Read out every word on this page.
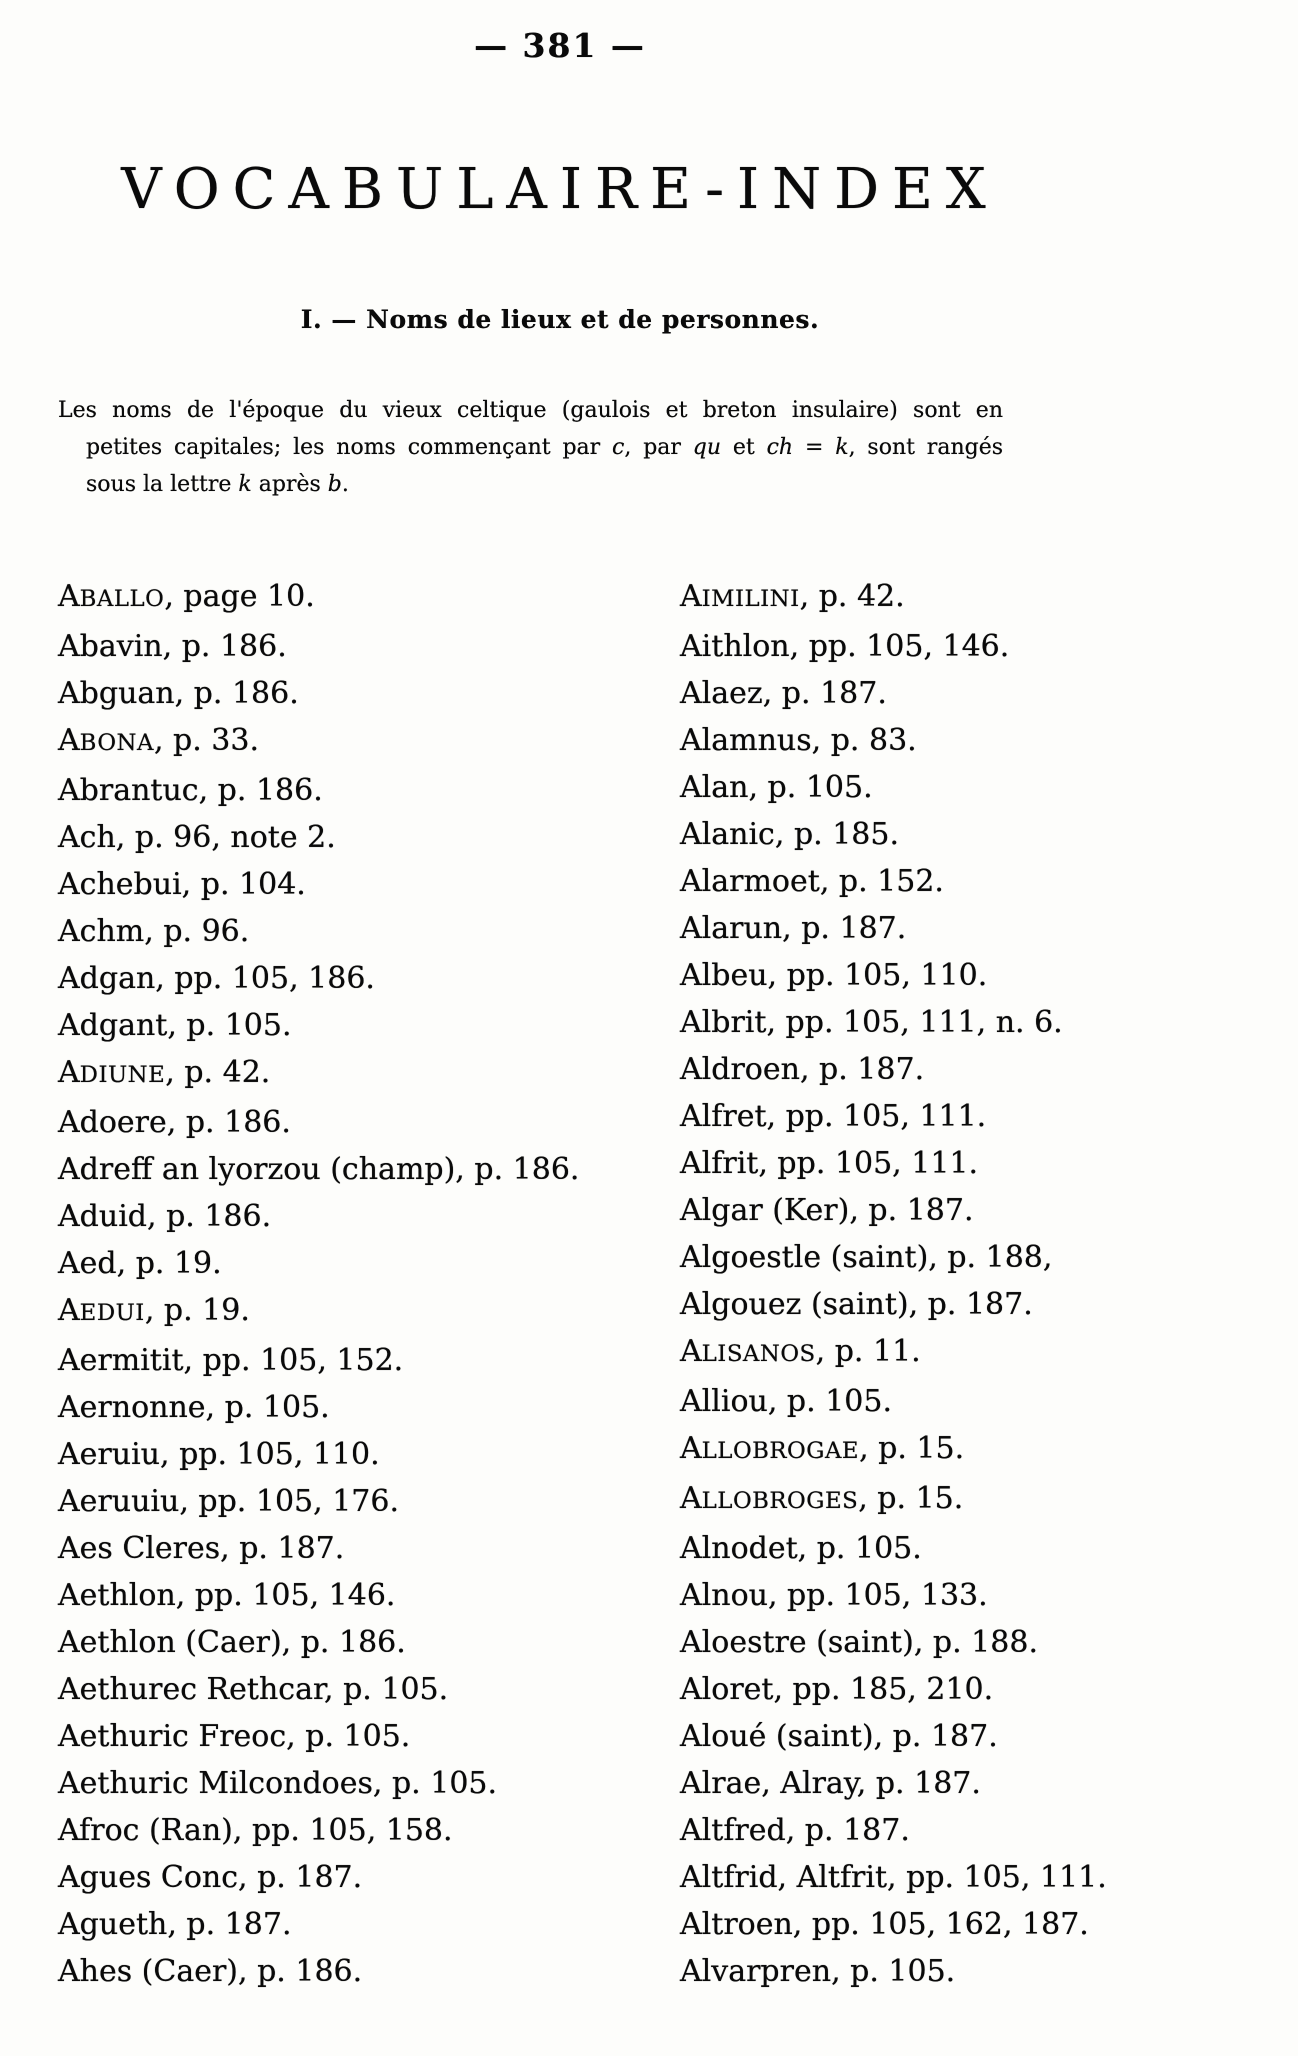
— 381 —
VOCABULAIRE-INDEX
I. — Noms de lieux et de personnes.
Les noms de l'époque du vieux celtique (gaulois et breton insulaire) sont en
petites capitales; les noms commençant par c, par qu et ch = k, sont rangés
sous la lettre k après b.
ABALLO, page 10.
Abavin, p. 186.
Abguan, p. 186.
ABONA, p. 33.
Abrantuc, p. 186.
Ach, p. 96, note 2.
Achebui, p. 104.
Achm, p. 96.
Adgan, pp. 105, 186.
Adgant, p. 105.
ADIUNE, p. 42.
Adoere, p. 186.
Adreff an lyorzou (champ), p. 186.
Aduid, p. 186.
Aed, p. 19.
AEDUI, p. 19.
Aermitit, pp. 105, 152.
Aernonne, p. 105.
Aeruiu, pp. 105, 110.
Aeruuiu, pp. 105, 176.
Aes Cleres, p. 187.
Aethlon, pp. 105, 146.
Aethlon (Caer), p. 186.
Aethurec Rethcar, p. 105.
Aethuric Freoc, p. 105.
Aethuric Milcondoes, p. 105.
Afroc (Ran), pp. 105, 158.
Agues Conc, p. 187.
Agueth, p. 187.
Ahes (Caer), p. 186.
AIMILINI, p. 42.
Aithlon, pp. 105, 146.
Alaez, p. 187.
Alamnus, p. 83.
Alan, p. 105.
Alanic, p. 185.
Alarmoet, p. 152.
Alarun, p. 187.
Albeu, pp. 105, 110.
Albrit, pp. 105, 111, n. 6.
Aldroen, p. 187.
Alfret, pp. 105, 111.
Alfrit, pp. 105, 111.
Algar (Ker), p. 187.
Algoestle (saint), p. 188,
Algouez (saint), p. 187.
ALISANOS, p. 11.
Alliou, p. 105.
ALLOBROGAE, p. 15.
ALLOBROGES, p. 15.
Alnodet, p. 105.
Alnou, pp. 105, 133.
Aloestre (saint), p. 188.
Aloret, pp. 185, 210.
Aloué (saint), p. 187.
Alrae, Alray, p. 187.
Altfred, p. 187.
Altfrid, Altfrit, pp. 105, 111.
Altroen, pp. 105, 162, 187.
Alvarpren, p. 105.
